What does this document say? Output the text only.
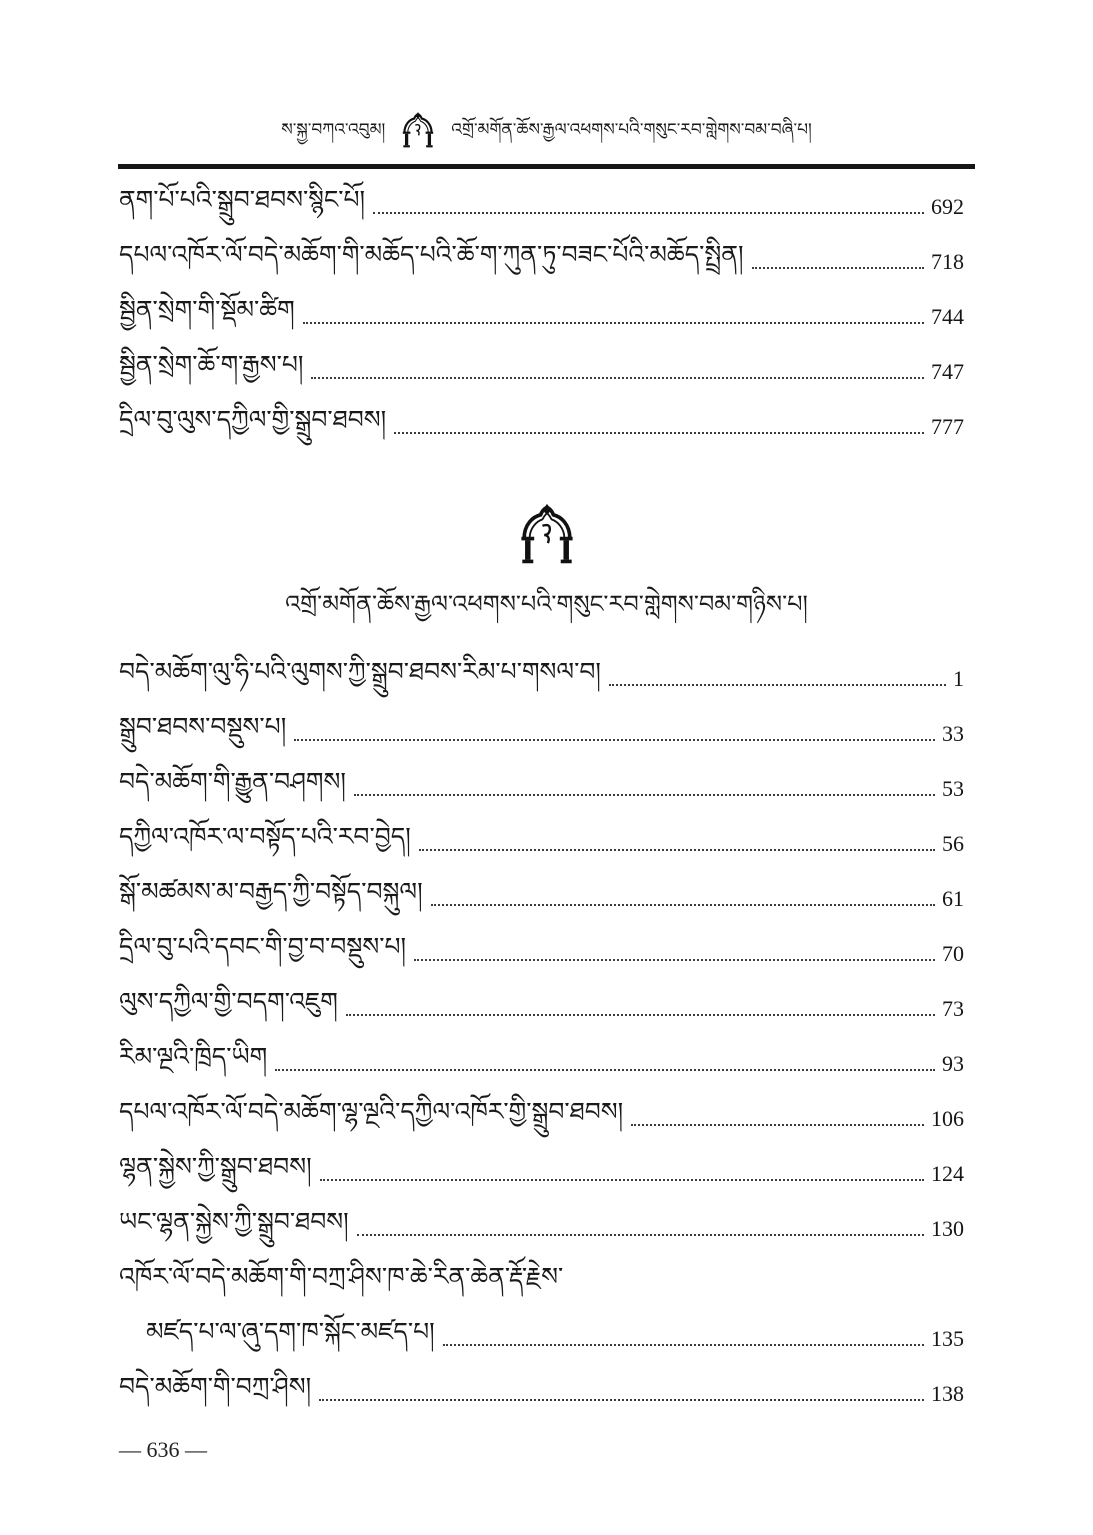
ས་སྐྱ་བཀའ་འབུམ།	འགྲོ་མགོན་ཆོས་རྒྱལ་འཕགས་པའི་གསུང་རབ་གླེགས་བམ་བཞི་པ།
ནག་པོ་པའི་སྒྲུབ་ཐབས་སྙིང་པོ།	692
དཔལ་འཁོར་ལོ་བདེ་མཆོག་གི་མཆོད་པའི་ཆོ་ག་ཀུན་ཏུ་བཟང་པོའི་མཆོད་སྤྲིན།	718
སྦྱིན་སྲེག་གི་སྡོམ་ཚིག	744
སྦྱིན་སྲེག་ཆོ་ག་རྒྱས་པ།	747
དྲིལ་བུ་ལུས་དཀྱིལ་གྱི་སྒྲུབ་ཐབས།	777
འགྲོ་མགོན་ཆོས་རྒྱལ་འཕགས་པའི་གསུང་རབ་གླེགས་བམ་གཉིས་པ།
བདེ་མཆོག་ལུ་ཧི་པའི་ལུགས་ཀྱི་སྒྲུབ་ཐབས་རིམ་པ་གསལ་བ།	1
སྒྲུབ་ཐབས་བསྡུས་པ།	33
བདེ་མཆོག་གི་རྒྱུན་བཤགས།	53
དཀྱིལ་འཁོར་ལ་བསྟོད་པའི་རབ་བྱེད།	56
སྒོ་མཚམས་མ་བརྒྱད་ཀྱི་བསྟོད་བསྐུལ།	61
དྲིལ་བུ་པའི་དབང་གི་བྱ་བ་བསྡུས་པ།	70
ལུས་དཀྱིལ་གྱི་བདག་འཇུག	73
རིམ་ལྔའི་ཁྲིད་ཡིག	93
དཔལ་འཁོར་ལོ་བདེ་མཆོག་ལྷ་ལྔའི་དཀྱིལ་འཁོར་གྱི་སྒྲུབ་ཐབས།	106
ལྷན་སྐྱེས་ཀྱི་སྒྲུབ་ཐབས།	124
ཡང་ལྷན་སྐྱེས་ཀྱི་སྒྲུབ་ཐབས།	130
འཁོར་ལོ་བདེ་མཆོག་གི་བཀྲ་ཤིས་ཁ་ཆེ་རིན་ཆེན་རྡོ་རྗེས་
མཛད་པ་ལ་ཞུ་དག་ཁ་སྐོང་མཛད་པ།	135
བདེ་མཆོག་གི་བཀྲ་ཤིས།	138
— 636 —
